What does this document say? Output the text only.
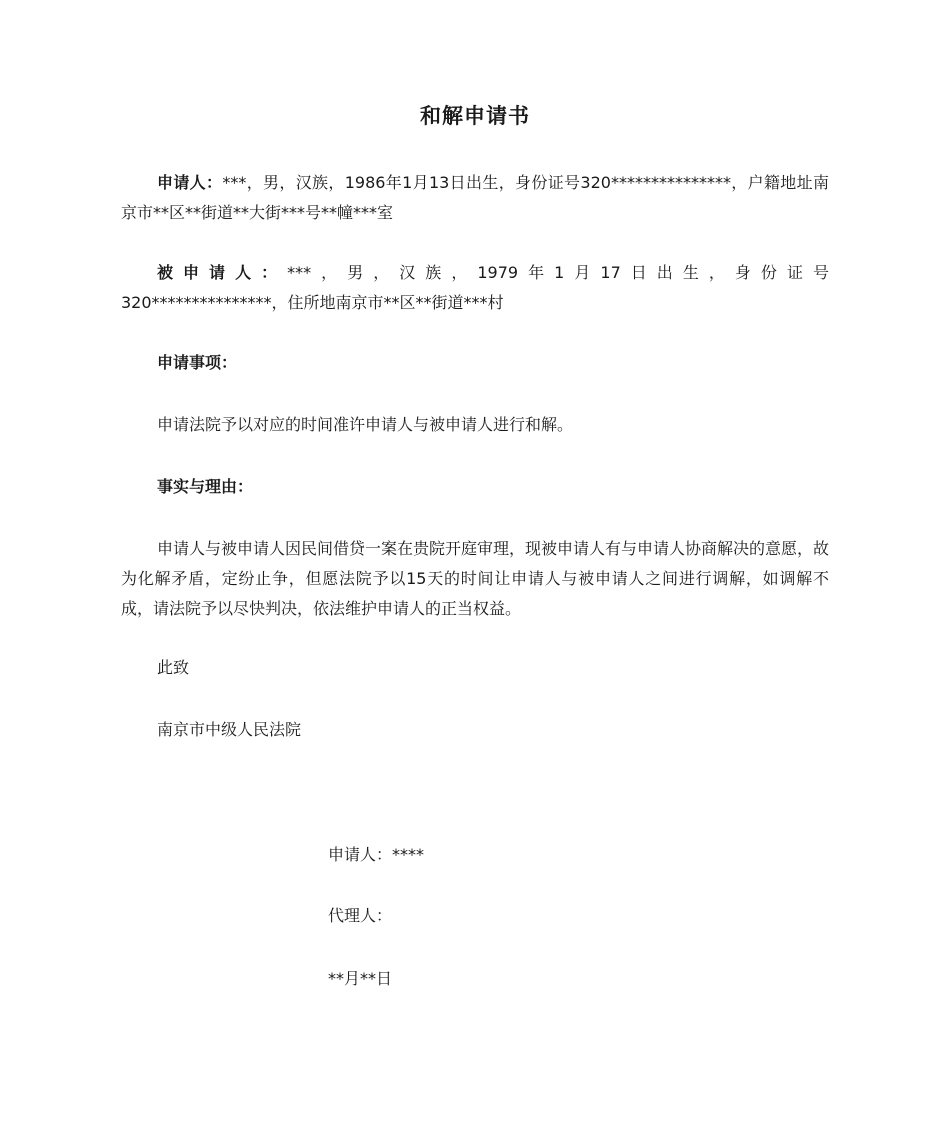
和解申请书
申请人：***，男，汉族，1986年1月13日出生，身份证号320***************，户籍地址南京市**区**街道**大街***号**幢***室
被申请人：***，男，汉族，1979年1月17日出生，身份证号
320***************，住所地南京市**区**街道***村
申请事项：
申请法院予以对应的时间准许申请人与被申请人进行和解。
事实与理由：
申请人与被申请人因民间借贷一案在贵院开庭审理，现被申请人有与申请人协商解决的意愿，故为化解矛盾，定纷止争，但愿法院予以15天的时间让申请人与被申请人之间进行调解，如调解不成，请法院予以尽快判决，依法维护申请人的正当权益。
此致
南京市中级人民法院
申请人：****
代理人：
**月**日
